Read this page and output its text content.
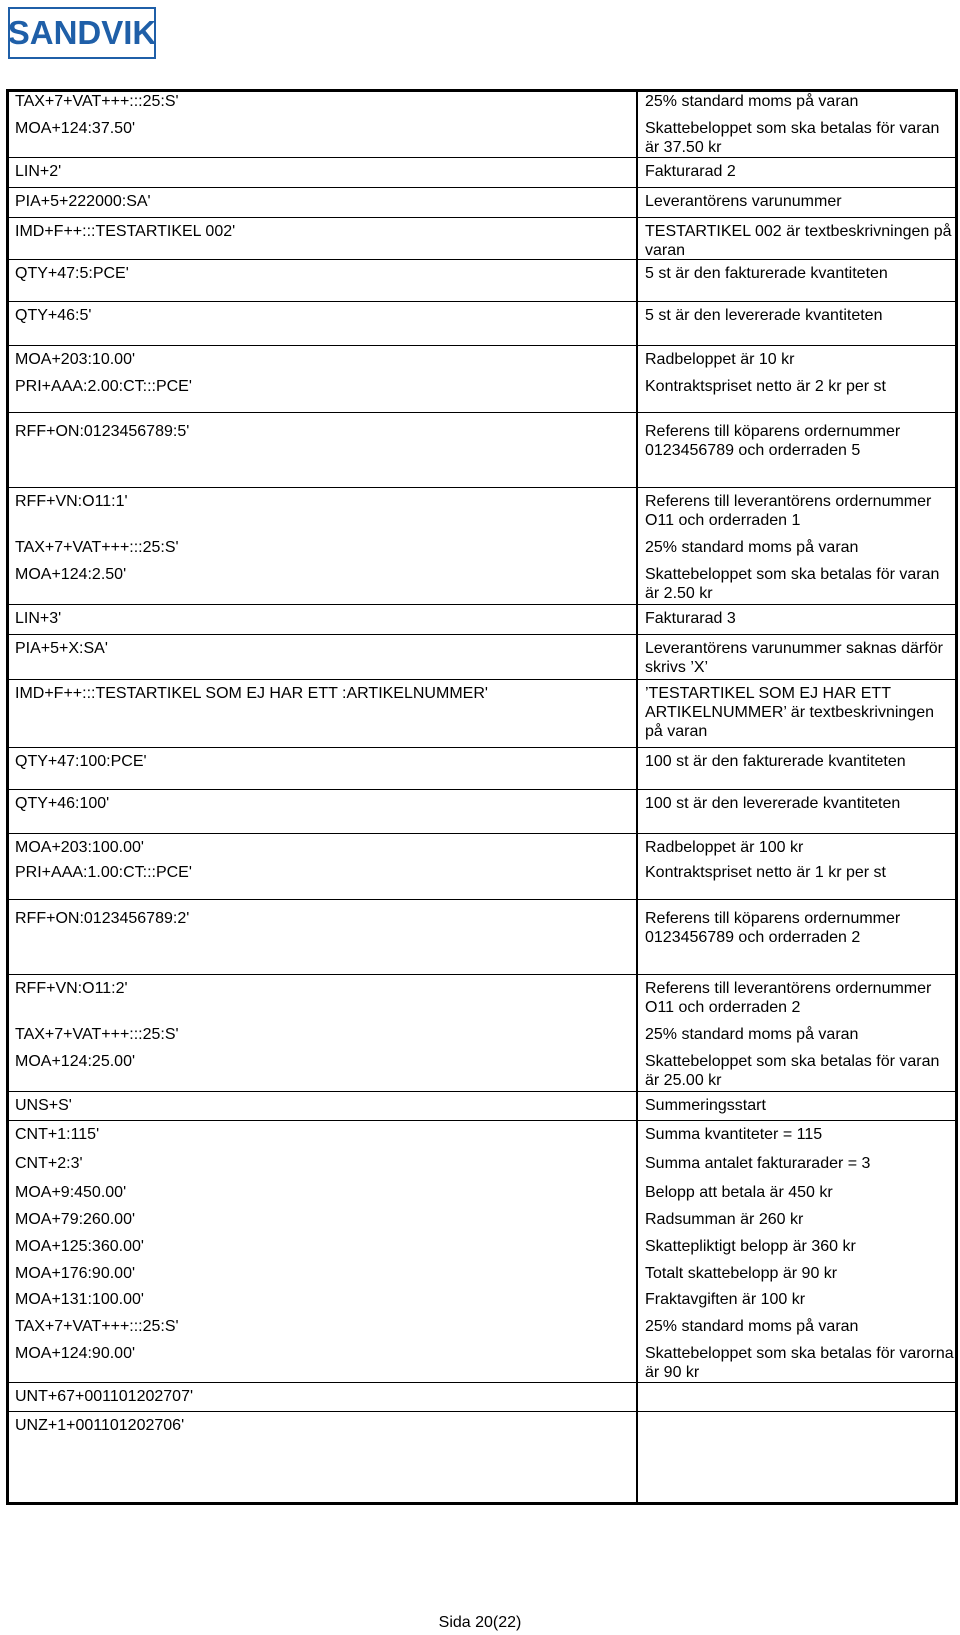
SANDVIK
TAX+7+VAT+++:::25:S'	25% standard moms på varan
MOA+124:37.50'	Skattebeloppet som ska betalas för varan är 37.50 kr
LIN+2'	Fakturarad 2
PIA+5+222000:SA'	Leverantörens varunummer
IMD+F++:::TESTARTIKEL 002'	TESTARTIKEL 002 är textbeskrivningen på varan
QTY+47:5:PCE'	5 st är den fakturerade kvantiteten
QTY+46:5'	5 st är den levererade kvantiteten
MOA+203:10.00'	Radbeloppet är 10 kr
PRI+AAA:2.00:CT:::PCE'	Kontraktspriset netto är 2 kr per st
RFF+ON:0123456789:5'	Referens till köparens ordernummer 0123456789 och orderraden 5
RFF+VN:O11:1'	Referens till leverantörens ordernummer O11 och orderraden 1
TAX+7+VAT+++:::25:S'	25% standard moms på varan
MOA+124:2.50'	Skattebeloppet som ska betalas för varan är 2.50 kr
LIN+3'	Fakturarad 3
PIA+5+X:SA'	Leverantörens varunummer saknas därför skrivs ’X’
IMD+F++:::TESTARTIKEL SOM EJ HAR ETT :ARTIKELNUMMER'	’TESTARTIKEL SOM EJ HAR ETT ARTIKELNUMMER’ är textbeskrivningen på varan
QTY+47:100:PCE'	100 st är den fakturerade kvantiteten
QTY+46:100'	100 st är den levererade kvantiteten
MOA+203:100.00'	Radbeloppet är 100 kr
PRI+AAA:1.00:CT:::PCE'	Kontraktspriset netto är 1 kr per st
RFF+ON:0123456789:2'	Referens till köparens ordernummer 0123456789 och orderraden 2
RFF+VN:O11:2'	Referens till leverantörens ordernummer O11 och orderraden 2
TAX+7+VAT+++:::25:S'	25% standard moms på varan
MOA+124:25.00'	Skattebeloppet som ska betalas för varan är 25.00 kr
UNS+S'	Summeringsstart
CNT+1:115'	Summa kvantiteter = 115
CNT+2:3'	Summa antalet fakturarader = 3
MOA+9:450.00'	Belopp att betala är 450 kr
MOA+79:260.00'	Radsumman är 260 kr
MOA+125:360.00'	Skattepliktigt belopp är 360 kr
MOA+176:90.00'	Totalt skattebelopp är 90 kr
MOA+131:100.00'	Fraktavgiften är 100 kr
TAX+7+VAT+++:::25:S'	25% standard moms på varan
MOA+124:90.00'	Skattebeloppet som ska betalas för varorna är 90 kr
UNT+67+001101202707'
UNZ+1+001101202706'
Sida 20(22)
